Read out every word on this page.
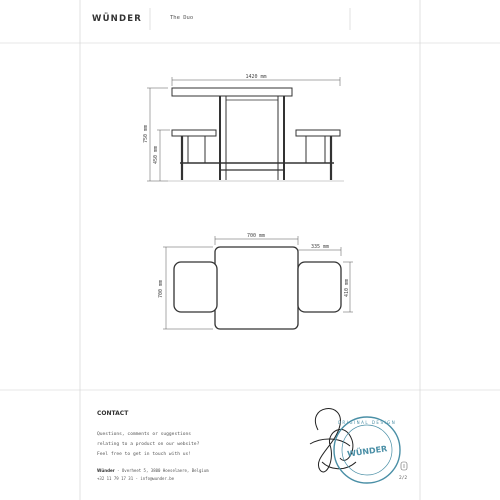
WÜNDER	The Duo
1420 mm
750 mm
450 mm
700 mm
335 mm
700 mm	410 mm
WÜNDER
ORIGINAL DESIGN
CONTACT
Questions, comments or suggestions
relating to a product on our website?
Feel free to get in touch with us!
Wünder - Overheet 5, 3800 Hoeselaere, Belgium
+32 11 79 17 31 - info@wunder.be	2/2
